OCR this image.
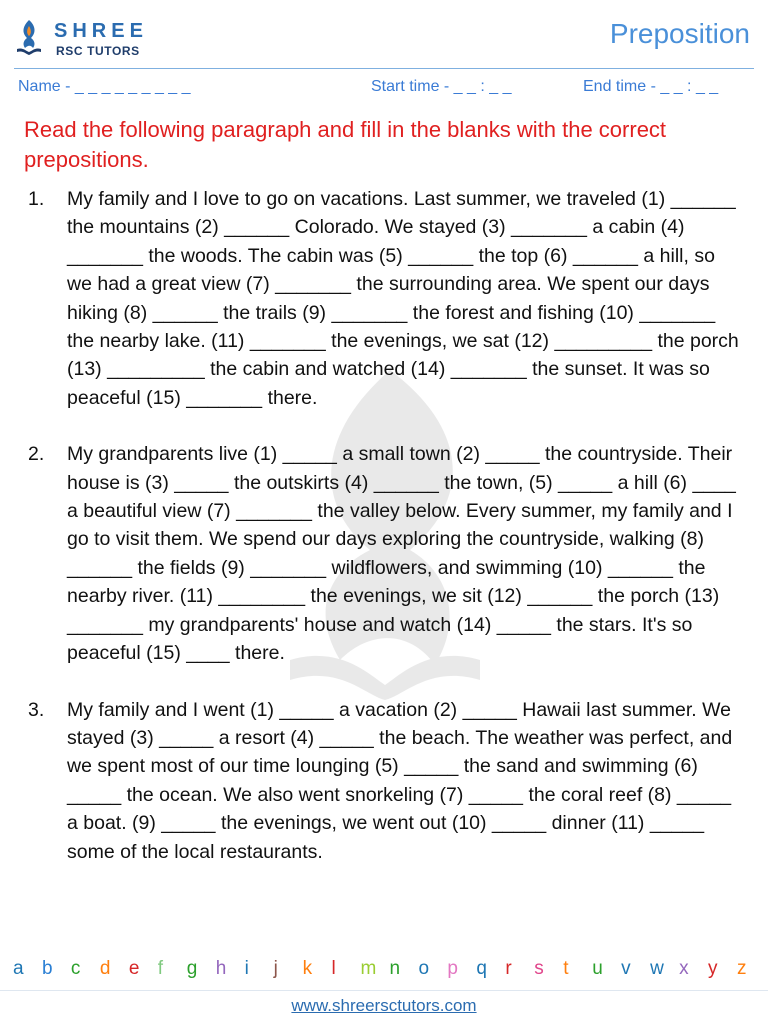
SHREE
RSC TUTORS
Preposition
Name - _ _ _ _ _ _ _ _ _	Start time - _ _ : _ _	End time - _ _ : _ _
Read the following paragraph and fill in the blanks with the correct prepositions.
1. My family and I love to go on vacations. Last summer, we traveled (1) ______ the mountains (2) ______ Colorado. We stayed (3) _______ a cabin (4) _______ the woods. The cabin was (5) ______ the top (6) ______ a hill, so we had a great view (7) _______ the surrounding area. We spent our days hiking (8) ______ the trails (9) _______ the forest and fishing (10) _______ the nearby lake. (11) _______ the evenings, we sat (12) _________ the porch (13) _________ the cabin and watched (14) _______ the sunset. It was so peaceful (15) _______ there.
2. My grandparents live (1) _____ a small town (2) _____ the countryside. Their house is (3) _____ the outskirts (4) ______ the town, (5) _____ a hill (6) ____ a beautiful view (7) _______ the valley below. Every summer, my family and I go to visit them. We spend our days exploring the countryside, walking (8) ______ the fields (9) _______ wildflowers, and swimming (10) ______ the nearby river. (11) ________ the evenings, we sit (12) ______ the porch (13) _______ my grandparents' house and watch (14) _____ the stars. It's so peaceful (15) ____ there.
3. My family and I went (1) _____ a vacation (2) _____ Hawaii last summer. We stayed (3) _____ a resort (4) _____ the beach. The weather was perfect, and we spent most of our time lounging (5) _____ the sand and swimming (6) _____ the ocean. We also went snorkeling (7) _____ the coral reef (8) _____ a boat. (9) _____ the evenings, we went out (10) _____ dinner (11) _____ some of the local restaurants.
a b c d e f g h i j k l m n o p q r s t u v w x y z
www.shreersctutors.com
